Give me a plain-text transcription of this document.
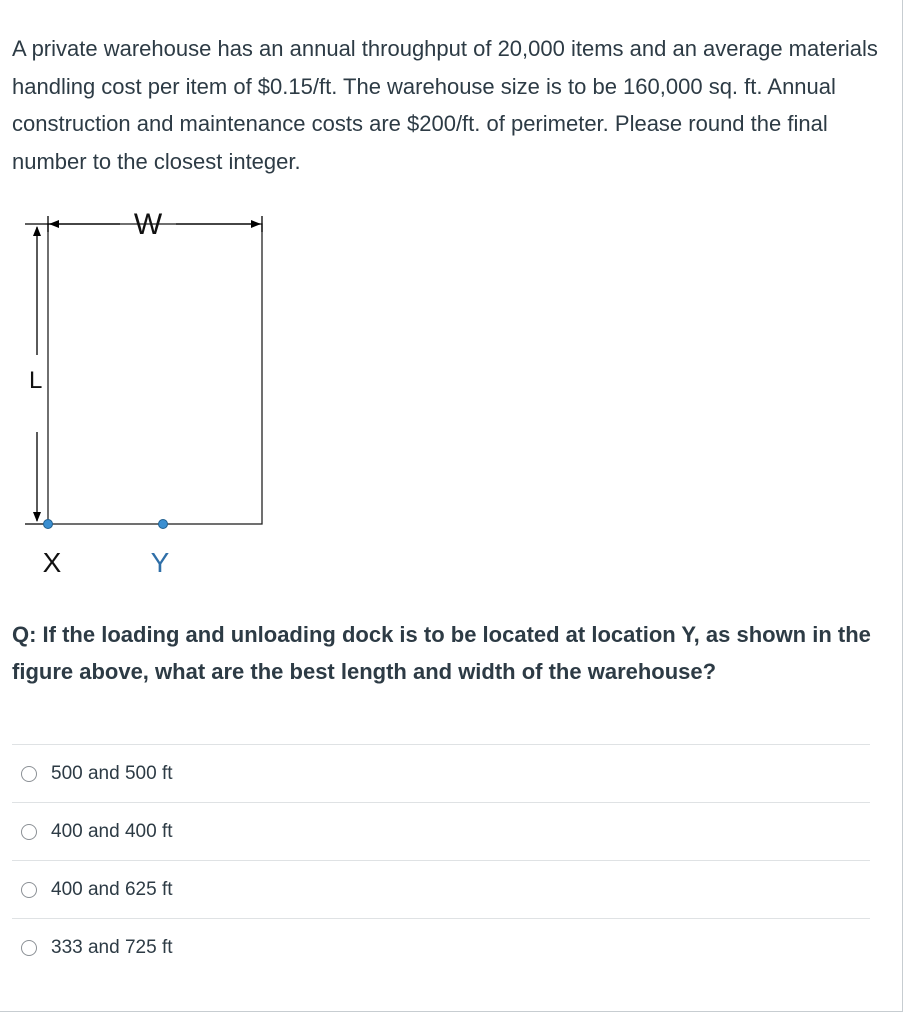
A private warehouse has an annual throughput of 20,000 items and an average materials handling cost per item of $0.15/ft. The warehouse size is to be 160,000 sq. ft. Annual construction and maintenance costs are $200/ft. of perimeter. Please round the final number to the closest integer.

W
L
X	Y

Q: If the loading and unloading dock is to be located at location Y, as shown in the figure above, what are the best length and width of the warehouse?

500 and 500 ft
400 and 400 ft
400 and 625 ft
333 and 725 ft
